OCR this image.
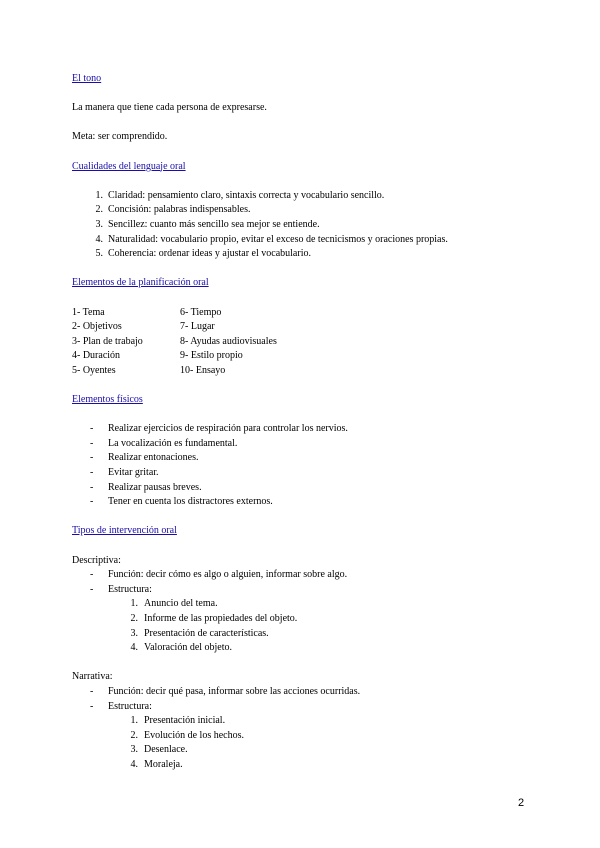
El tono

La manera que tiene cada persona de expresarse.

Meta: ser comprendido.

Cualidades del lenguaje oral

1. Claridad: pensamiento claro, sintaxis correcta y vocabulario sencillo.
2. Concisión: palabras indispensables.
3. Sencillez: cuanto más sencillo sea mejor se entiende.
4. Naturalidad: vocabulario propio, evitar el exceso de tecnicismos y oraciones propias.
5. Coherencia: ordenar ideas y ajustar el vocabulario.

Elementos de la planificación oral

1- Tema

2- Objetivos

3- Plan de trabajo

4- Duración

5- Oyentes

6- Tiempo

7- Lugar

8- Ayudas audiovisuales

9- Estilo propio

10- Ensayo

Elementos físicos

- Realizar ejercicios de respiración para controlar los nervios.
- La vocalización es fundamental.
- Realizar entonaciones.
- Evitar gritar.
- Realizar pausas breves.
- Tener en cuenta los distractores externos.

Tipos de intervención oral

Descriptiva:

- Función: decir cómo es algo o alguien, informar sobre algo.
- Estructura:
1. Anuncio del tema.
2. Informe de las propiedades del objeto.
3. Presentación de características.
4. Valoración del objeto.

Narrativa:

- Función: decir qué pasa, informar sobre las acciones ocurridas.
- Estructura:
1. Presentación inicial.
2. Evolución de los hechos.
3. Desenlace.
4. Moraleja.
2
